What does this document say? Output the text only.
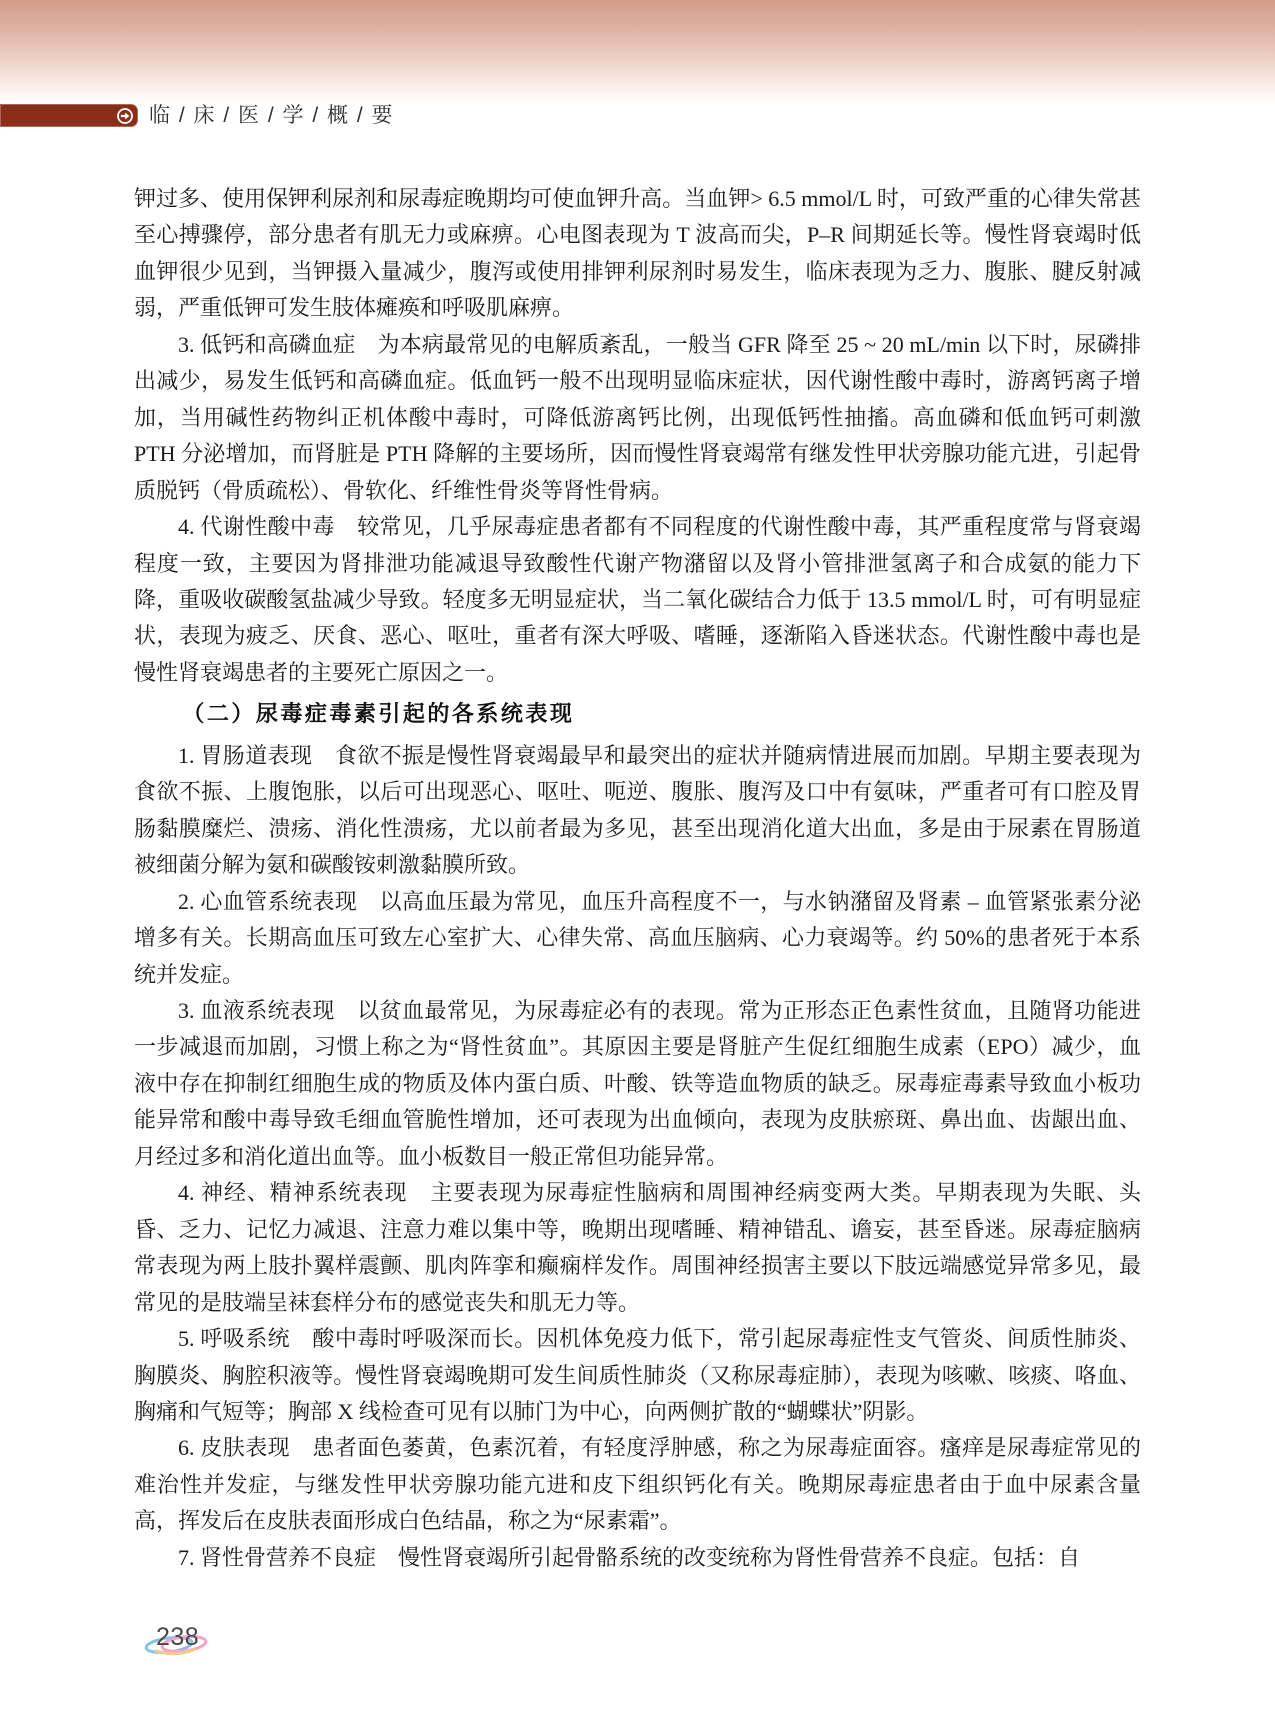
临 / 床 / 医 / 学 / 概 / 要

钾过多、使用保钾利尿剂和尿毒症晚期均可使血钾升高。当血钾> 6.5 mmol/L 时，可致严重的心律失常甚至心搏骤停，部分患者有肌无力或麻痹。心电图表现为 T 波高而尖，P–R 间期延长等。慢性肾衰竭时低血钾很少见到，当钾摄入量减少，腹泻或使用排钾利尿剂时易发生，临床表现为乏力、腹胀、腱反射减弱，严重低钾可发生肢体瘫痪和呼吸肌麻痹。

3. 低钙和高磷血症　为本病最常见的电解质紊乱，一般当 GFR 降至 25 ~ 20 mL/min 以下时，尿磷排出减少，易发生低钙和高磷血症。低血钙一般不出现明显临床症状，因代谢性酸中毒时，游离钙离子增加，当用碱性药物纠正机体酸中毒时，可降低游离钙比例，出现低钙性抽搐。高血磷和低血钙可刺激 PTH 分泌增加，而肾脏是 PTH 降解的主要场所，因而慢性肾衰竭常有继发性甲状旁腺功能亢进，引起骨质脱钙（骨质疏松）、骨软化、纤维性骨炎等肾性骨病。

4. 代谢性酸中毒　较常见，几乎尿毒症患者都有不同程度的代谢性酸中毒，其严重程度常与肾衰竭程度一致，主要因为肾排泄功能减退导致酸性代谢产物潴留以及肾小管排泄氢离子和合成氨的能力下降，重吸收碳酸氢盐减少导致。轻度多无明显症状，当二氧化碳结合力低于 13.5 mmol/L 时，可有明显症状，表现为疲乏、厌食、恶心、呕吐，重者有深大呼吸、嗜睡，逐渐陷入昏迷状态。代谢性酸中毒也是慢性肾衰竭患者的主要死亡原因之一。

（二）尿毒症毒素引起的各系统表现

1. 胃肠道表现　食欲不振是慢性肾衰竭最早和最突出的症状并随病情进展而加剧。早期主要表现为食欲不振、上腹饱胀，以后可出现恶心、呕吐、呃逆、腹胀、腹泻及口中有氨味，严重者可有口腔及胃肠黏膜糜烂、溃疡、消化性溃疡，尤以前者最为多见，甚至出现消化道大出血，多是由于尿素在胃肠道被细菌分解为氨和碳酸铵刺激黏膜所致。

2. 心血管系统表现　以高血压最为常见，血压升高程度不一，与水钠潴留及肾素 – 血管紧张素分泌增多有关。长期高血压可致左心室扩大、心律失常、高血压脑病、心力衰竭等。约 50%的患者死于本系统并发症。

3. 血液系统表现　以贫血最常见，为尿毒症必有的表现。常为正形态正色素性贫血，且随肾功能进一步减退而加剧，习惯上称之为“肾性贫血”。其原因主要是肾脏产生促红细胞生成素（EPO）减少，血液中存在抑制红细胞生成的物质及体内蛋白质、叶酸、铁等造血物质的缺乏。尿毒症毒素导致血小板功能异常和酸中毒导致毛细血管脆性增加，还可表现为出血倾向，表现为皮肤瘀斑、鼻出血、齿龈出血、月经过多和消化道出血等。血小板数目一般正常但功能异常。

4. 神经、精神系统表现　主要表现为尿毒症性脑病和周围神经病变两大类。早期表现为失眠、头昏、乏力、记忆力减退、注意力难以集中等，晚期出现嗜睡、精神错乱、谵妄，甚至昏迷。尿毒症脑病常表现为两上肢扑翼样震颤、肌肉阵挛和癫痫样发作。周围神经损害主要以下肢远端感觉异常多见，最常见的是肢端呈袜套样分布的感觉丧失和肌无力等。

5. 呼吸系统　酸中毒时呼吸深而长。因机体免疫力低下，常引起尿毒症性支气管炎、间质性肺炎、胸膜炎、胸腔积液等。慢性肾衰竭晚期可发生间质性肺炎（又称尿毒症肺），表现为咳嗽、咳痰、咯血、胸痛和气短等；胸部 X 线检查可见有以肺门为中心，向两侧扩散的“蝴蝶状”阴影。

6. 皮肤表现　患者面色萎黄，色素沉着，有轻度浮肿感，称之为尿毒症面容。瘙痒是尿毒症常见的难治性并发症，与继发性甲状旁腺功能亢进和皮下组织钙化有关。晚期尿毒症患者由于血中尿素含量高，挥发后在皮肤表面形成白色结晶，称之为“尿素霜”。

7. 肾性骨营养不良症　慢性肾衰竭所引起骨骼系统的改变统称为肾性骨营养不良症。包括：自

238
